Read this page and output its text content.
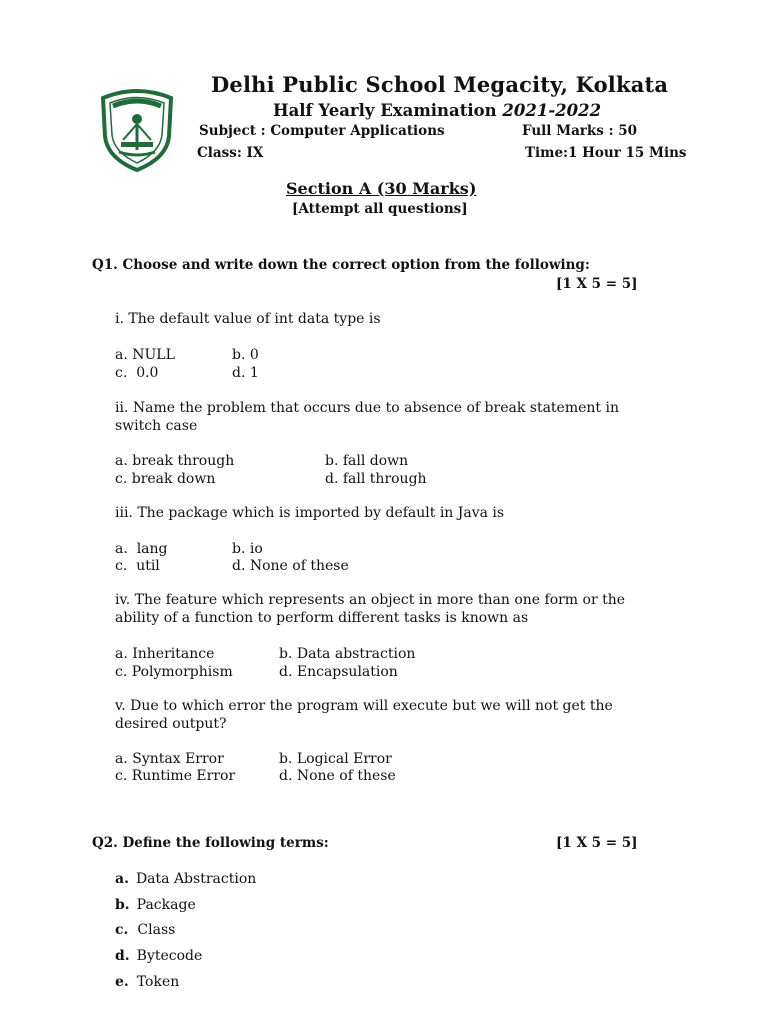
Delhi Public School Megacity, Kolkata
Half Yearly Examination 2021-2022
Subject : Computer Applications	Full Marks : 50
Class: IX	Time:1 Hour 15 Mins
Section A (30 Marks)
[Attempt all questions]
Q1. Choose and write down the correct option from the following:
[1 X 5 = 5]
i. The default value of int data type is
a. NULL	b. 0
c.  0.0	d. 1
ii. Name the problem that occurs due to absence of break statement in
switch case
a. break through	b. fall down
c. break down	d. fall through
iii. The package which is imported by default in Java is
a.  lang	b. io
c.  util	d. None of these
iv. The feature which represents an object in more than one form or the
ability of a function to perform different tasks is known as
a. Inheritance	b. Data abstraction
c. Polymorphism	d. Encapsulation
v. Due to which error the program will execute but we will not get the
desired output?
a. Syntax Error	b. Logical Error
c. Runtime Error	d. None of these
Q2. Define the following terms:	[1 X 5 = 5]
a. Data Abstraction
b. Package
c. Class
d. Bytecode
e. Token
